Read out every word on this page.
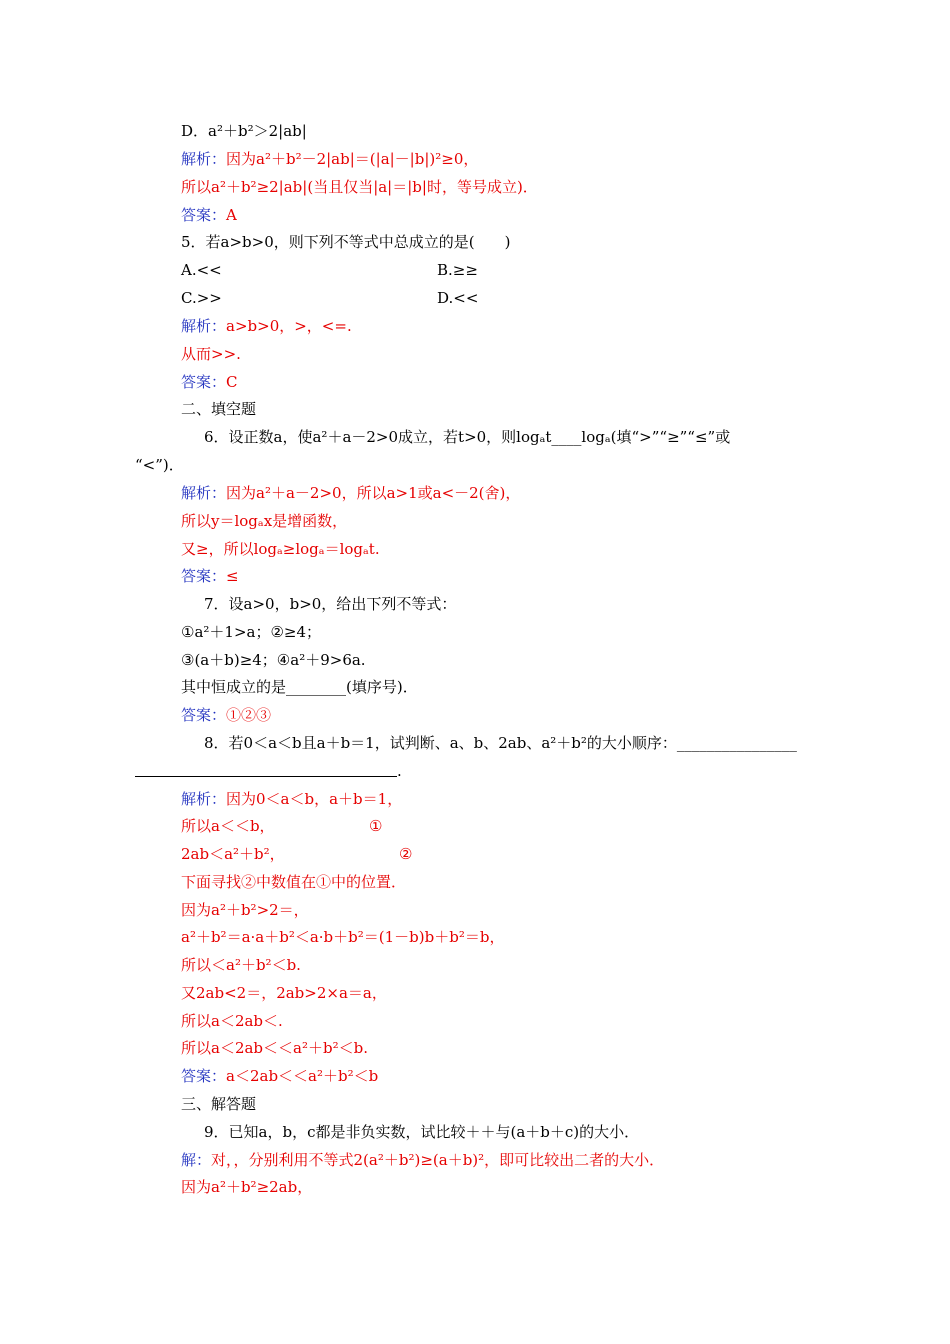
D．a²＋b²＞2|ab|
解析：因为a²＋b²－2|ab|＝(|a|－|b|)²≥0，
所以a²＋b²≥2|ab|(当且仅当|a|＝|b|时，等号成立)．
答案：A
5．若a>b>0，则下列不等式中总成立的是(　　)
A.<<	B.≥≥
C.>>	D.<<
解析：a>b>0，>，<=.
从而>>.
答案：C
二、填空题
6．设正数a，使a²＋a－2>0成立，若t>0，则logₐt____logₐ(填“>”“≥”“≤”或
“<”)．
解析：因为a²＋a－2>0，所以a>1或a<－2(舍)，
所以y＝logₐx是增函数，
又≥，所以logₐ≥logₐ＝logₐt.
答案：≤
7．设a>0，b>0，给出下列不等式：
①a²＋1>a；②≥4；
③(a＋b)≥4；④a²＋9>6a.
其中恒成立的是________(填序号)．
答案：①②③
8．若0＜a＜b且a＋b＝1，试判断、a、b、2ab、a²＋b²的大小顺序：________________
.
解析：因为0＜a＜b，a＋b＝1，
所以a＜＜b，	①
2ab＜a²＋b²，	②
下面寻找②中数值在①中的位置．
因为a²＋b²>2＝，
a²＋b²＝a·a＋b²＜a·b＋b²＝(1－b)b＋b²＝b，
所以＜a²＋b²＜b.
又2ab<2＝，2ab>2×a＝a，
所以a＜2ab＜.
所以a＜2ab＜＜a²＋b²＜b.
答案：a＜2ab＜＜a²＋b²＜b
三、解答题
9．已知a，b，c都是非负实数，试比较＋＋与(a＋b＋c)的大小．
解：对，，分别利用不等式2(a²＋b²)≥(a＋b)²，即可比较出二者的大小．
因为a²＋b²≥2ab，
